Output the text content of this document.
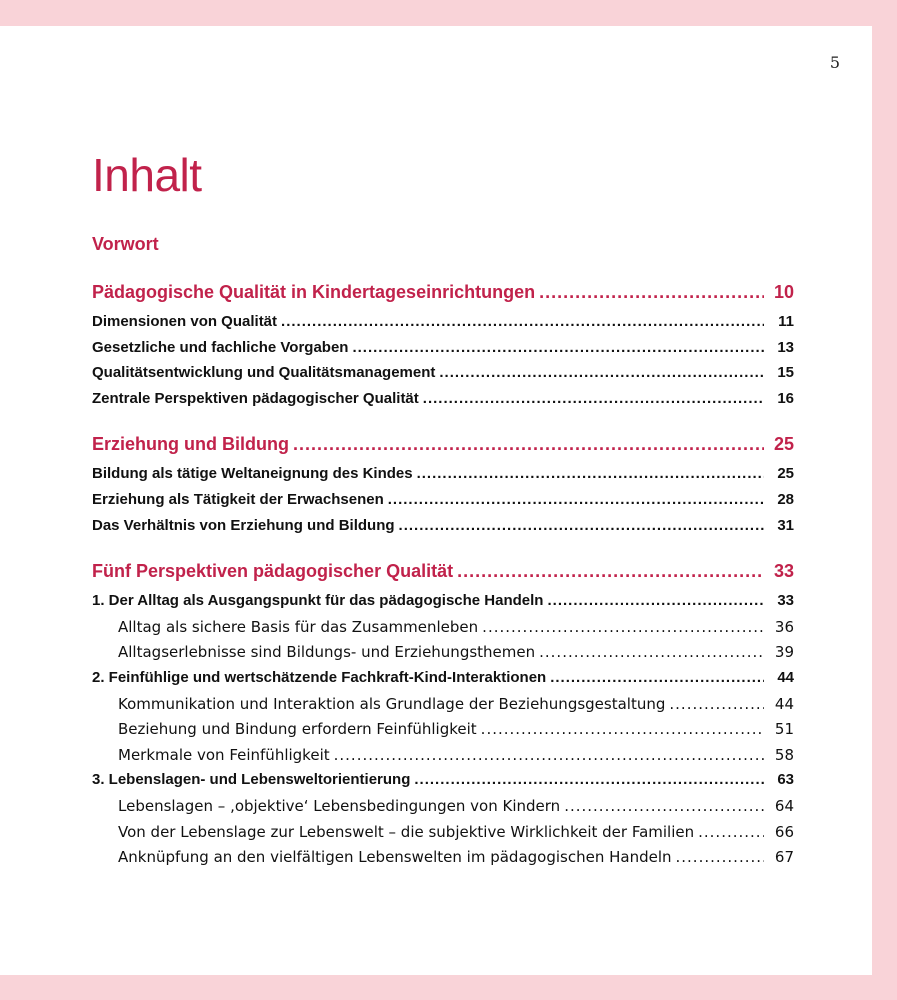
5
Inhalt
Vorwort
Pädagogische Qualität in Kindertageseinrichtungen .....	10
Dimensionen von Qualität .....	11
Gesetzliche und fachliche Vorgaben .....	13
Qualitätsentwicklung und Qualitätsmanagement .....	15
Zentrale Perspektiven pädagogischer Qualität .....	16
Erziehung und Bildung .....	25
Bildung als tätige Weltaneignung des Kindes .....	25
Erziehung als Tätigkeit der Erwachsenen .....	28
Das Verhältnis von Erziehung und Bildung .....	31
Fünf Perspektiven pädagogischer Qualität .....	33
1. Der Alltag als Ausgangspunkt für das pädagogische Handeln .....	33
Alltag als sichere Basis für das Zusammenleben .....	36
Alltagserlebnisse sind Bildungs- und Erziehungsthemen .....	39
2. Feinfühlige und wertschätzende Fachkraft-Kind-Interaktionen .....	44
Kommunikation und Interaktion als Grundlage der Beziehungsgestaltung .....	44
Beziehung und Bindung erfordern Feinfühligkeit .....	51
Merkmale von Feinfühligkeit .....	58
3. Lebenslagen- und Lebensweltorientierung .....	63
Lebenslagen – ‚objektive‘ Lebensbedingungen von Kindern .....	64
Von der Lebenslage zur Lebenswelt – die subjektive Wirklichkeit der Familien .....	66
Anknüpfung an den vielfältigen Lebenswelten im pädagogischen Handeln .....	67
